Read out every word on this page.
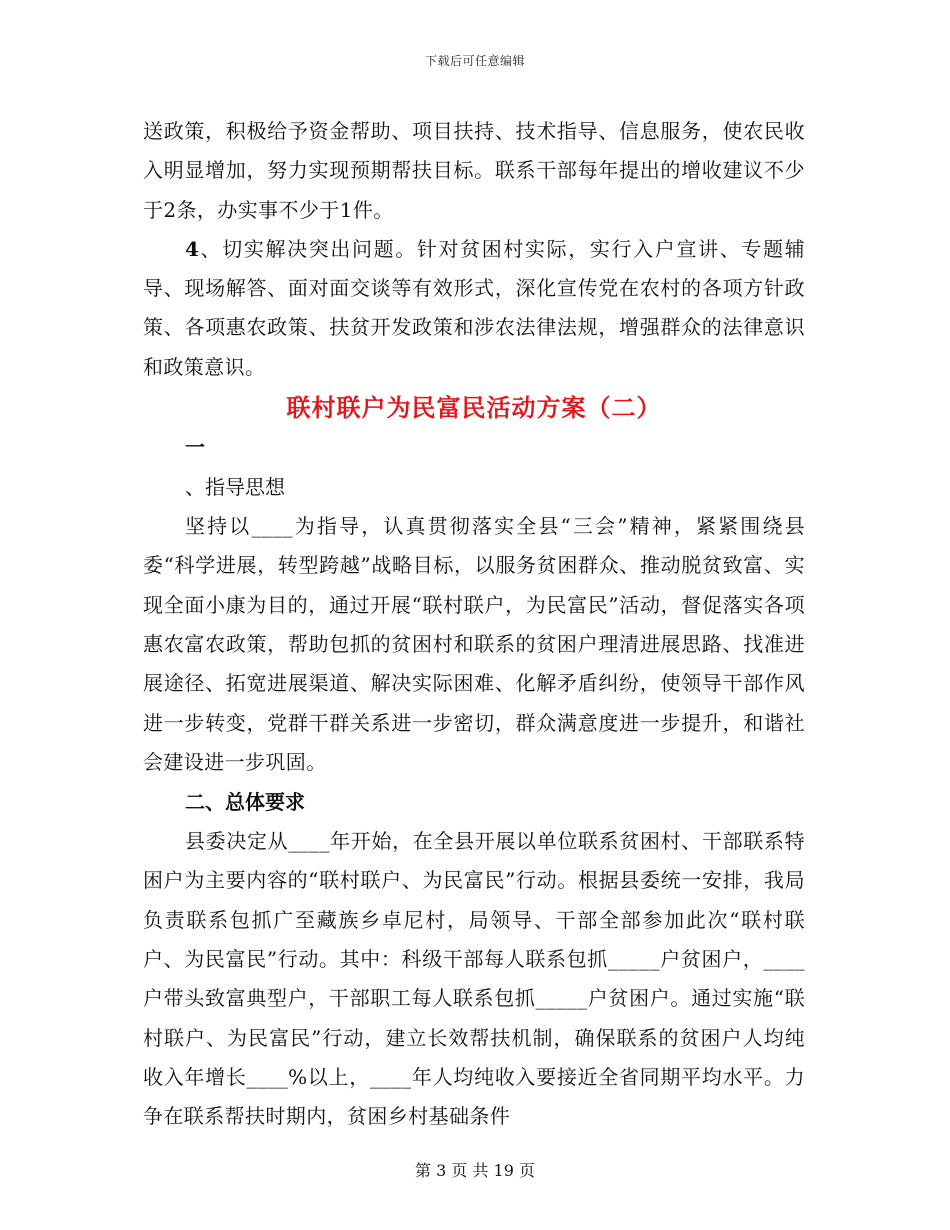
下载后可任意编辑

送政策，积极给予资金帮助、项目扶持、技术指导、信息服务，使农民收入明显增加，努力实现预期帮扶目标。联系干部每年提出的增收建议不少于2条，办实事不少于1件。

4、切实解决突出问题。针对贫困村实际，实行入户宣讲、专题辅导、现场解答、面对面交谈等有效形式，深化宣传党在农村的各项方针政策、各项惠农政策、扶贫开发政策和涉农法律法规，增强群众的法律意识和政策意识。

联村联户为民富民活动方案（二）

一

、指导思想

坚持以____为指导，认真贯彻落实全县“三会”精神，紧紧围绕县委“科学进展，转型跨越”战略目标，以服务贫困群众、推动脱贫致富、实现全面小康为目的，通过开展“联村联户，为民富民”活动，督促落实各项惠农富农政策，帮助包抓的贫困村和联系的贫困户理清进展思路、找准进展途径、拓宽进展渠道、解决实际困难、化解矛盾纠纷，使领导干部作风进一步转变，党群干群关系进一步密切，群众满意度进一步提升，和谐社会建设进一步巩固。

二、总体要求

县委决定从____年开始，在全县开展以单位联系贫困村、干部联系特困户为主要内容的“联村联户、为民富民”行动。根据县委统一安排，我局负责联系包抓广至藏族乡卓尼村，局领导、干部全部参加此次“联村联户、为民富民”行动。其中：科级干部每人联系包抓_____户贫困户，____户带头致富典型户，干部职工每人联系包抓_____户贫困户。通过实施“联村联户、为民富民”行动，建立长效帮扶机制，确保联系的贫困户人均纯收入年增长____%以上，____年人均纯收入要接近全省同期平均水平。力争在联系帮扶时期内，贫困乡村基础条件

第 3 页 共 19 页
